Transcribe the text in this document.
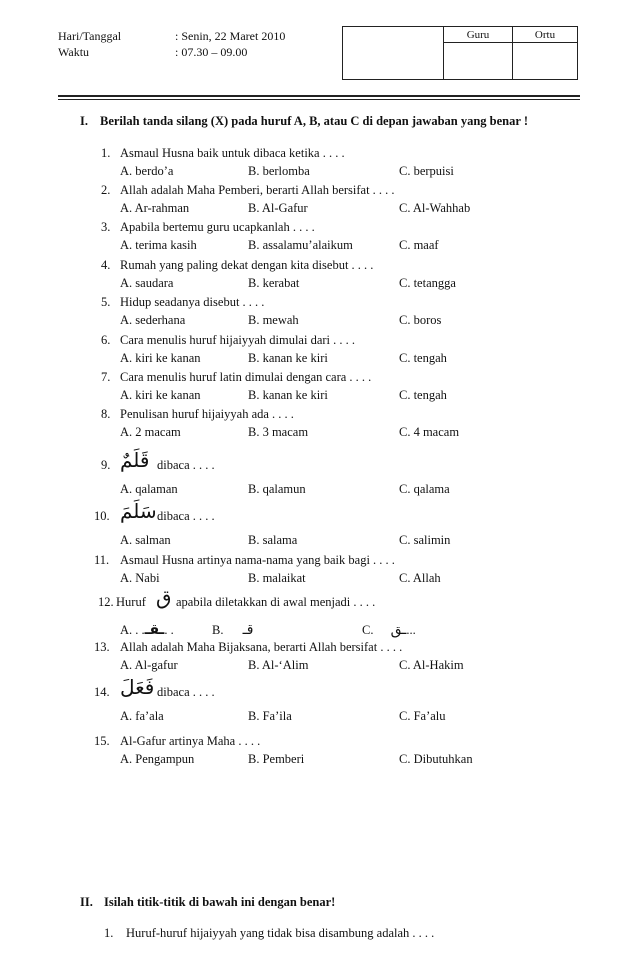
Hari/Tanggal	: Senin, 22 Maret 2010
Waktu	: 07.30 – 09.00
	Guru	Ortu

I. Berilah tanda silang (X) pada huruf A, B, atau C di depan jawaban yang benar !
1. Asmaul Husna baik untuk dibaca ketika . . . .
A. berdo’a	B. berlomba	C. berpuisi
2. Allah adalah Maha Pemberi, berarti Allah bersifat . . . .
A. Ar-rahman	B. Al-Gafur	C. Al-Wahhab
3. Apabila bertemu guru ucapkanlah . . . .
A. terima kasih	B. assalamu’alaikum	C. maaf
4. Rumah yang paling dekat dengan kita disebut . . . .
A. saudara	B. kerabat	C. tetangga
5. Hidup seadanya disebut . . . .
A. sederhana	B. mewah	C. boros
6. Cara menulis huruf hijaiyyah dimulai dari . . . .
A. kiri ke kanan	B. kanan ke kiri	C. tengah
7. Cara menulis huruf latin dimulai dengan cara . . . .
A. kiri ke kanan	B. kanan ke kiri	C. tengah
8. Penulisan huruf hijaiyyah ada . . . .
A. 2 macam	B. 3 macam	C. 4 macam
9. قَلَمٌ dibaca . . . .
A. qalaman	B. qalamun	C. qalama
10. سَلَمَ dibaca . . . .
A. salman	B. salama	C. salimin
11. Asmaul Husna artinya nama-nama yang baik bagi . . . .
A. Nabi	B. malaikat	C. Allah
13. Allah adalah Maha Bijaksana, berarti Allah bersifat . . . .
A. Al-gafur	B. Al-‘Alim	C. Al-Hakim
14. فَعَلَ dibaca . . . .
A. fa’ala	B. Fa’ila	C. Fa’alu
15. Al-Gafur artinya Maha . . . .
A. Pengampun	B. Pemberi	C. Dibutuhkan
12. Huruf ق apabila diletakkan di awal menjadi . . . .
A. . .ـقـ. .	B. قـ	C. ـق...
II. Isilah titik-titik di bawah ini dengan benar!
1. Huruf-huruf hijaiyyah yang tidak bisa disambung adalah . . . .
